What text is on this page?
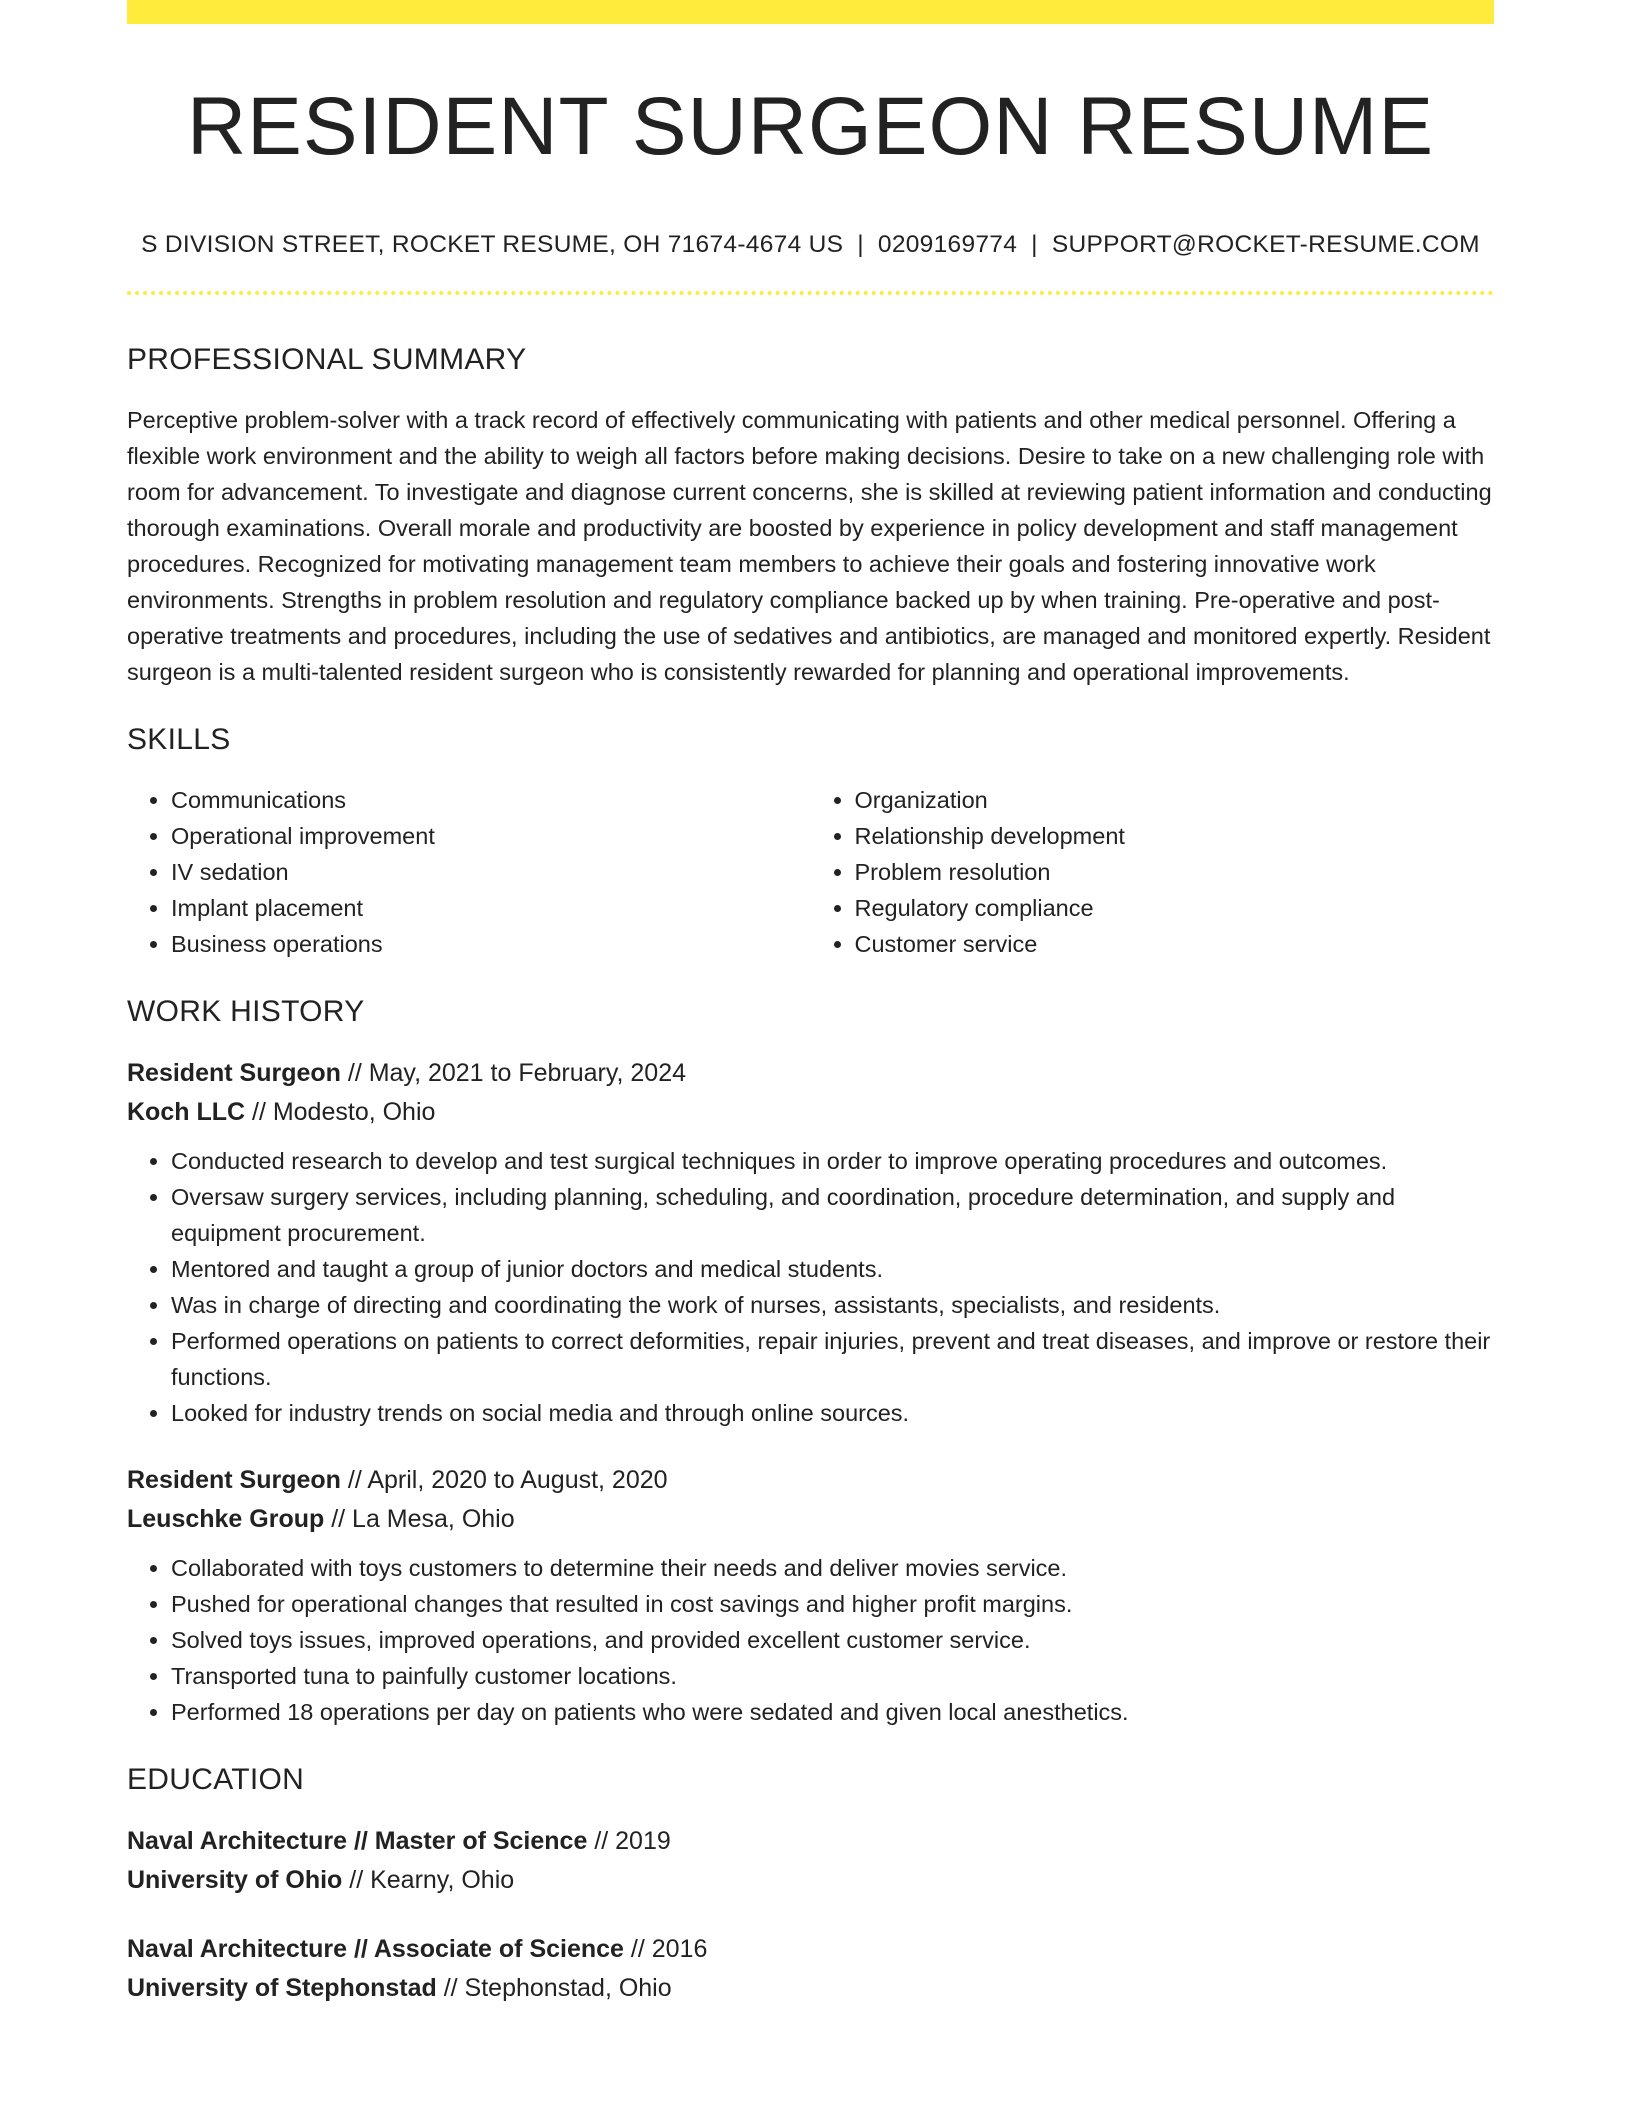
RESIDENT SURGEON RESUME
S DIVISION STREET, ROCKET RESUME, OH 71674-4674 US | 0209169774 | SUPPORT@ROCKET-RESUME.COM
PROFESSIONAL SUMMARY

Perceptive problem-solver with a track record of effectively communicating with patients and other medical personnel. Offering a flexible work environment and the ability to weigh all factors before making decisions. Desire to take on a new challenging role with room for advancement. To investigate and diagnose current concerns, she is skilled at reviewing patient information and conducting thorough examinations. Overall morale and productivity are boosted by experience in policy development and staff management procedures. Recognized for motivating management team members to achieve their goals and fostering innovative work environments. Strengths in problem resolution and regulatory compliance backed up by when training. Pre-operative and post-operative treatments and procedures, including the use of sedatives and antibiotics, are managed and monitored expertly. Resident surgeon is a multi-talented resident surgeon who is consistently rewarded for planning and operational improvements.

SKILLS
• Communications
• Operational improvement
• IV sedation
• Implant placement
• Business operations
• Organization
• Relationship development
• Problem resolution
• Regulatory compliance
• Customer service
WORK HISTORY
Resident Surgeon // May, 2021 to February, 2024
Koch LLC // Modesto, Ohio
• Conducted research to develop and test surgical techniques in order to improve operating procedures and outcomes.
• Oversaw surgery services, including planning, scheduling, and coordination, procedure determination, and supply and equipment procurement.
• Mentored and taught a group of junior doctors and medical students.
• Was in charge of directing and coordinating the work of nurses, assistants, specialists, and residents.
• Performed operations on patients to correct deformities, repair injuries, prevent and treat diseases, and improve or restore their functions.
• Looked for industry trends on social media and through online sources.
Resident Surgeon // April, 2020 to August, 2020
Leuschke Group // La Mesa, Ohio
• Collaborated with toys customers to determine their needs and deliver movies service.
• Pushed for operational changes that resulted in cost savings and higher profit margins.
• Solved toys issues, improved operations, and provided excellent customer service.
• Transported tuna to painfully customer locations.
• Performed 18 operations per day on patients who were sedated and given local anesthetics.
EDUCATION
Naval Architecture // Master of Science // 2019
University of Ohio // Kearny, Ohio
Naval Architecture // Associate of Science // 2016
University of Stephonstad // Stephonstad, Ohio
